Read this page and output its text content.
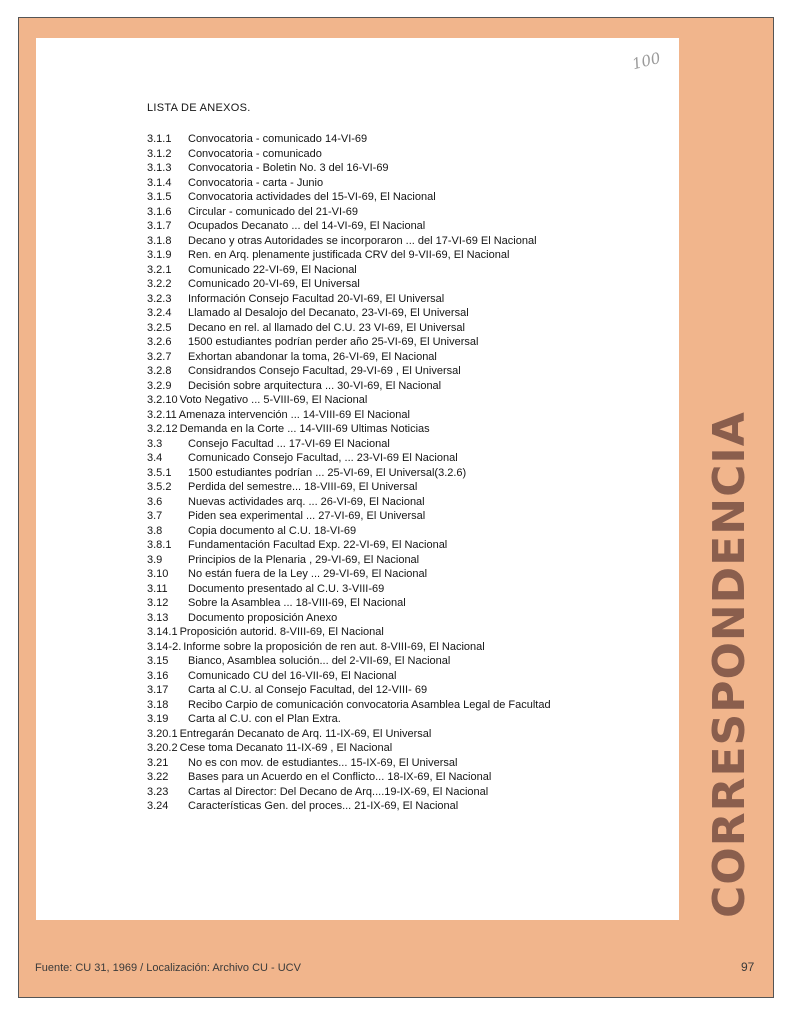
100
LISTA DE ANEXOS.
3.1.1	Convocatoria - comunicado 14-VI-69
3.1.2	Convocatoria - comunicado
3.1.3	Convocatoria - Boletin No. 3 del 16-VI-69
3.1.4	Convocatoria - carta - Junio
3.1.5	Convocatoria actividades del 15-VI-69, El Nacional
3.1.6	Circular - comunicado del 21-VI-69
3.1.7	Ocupados Decanato ... del 14-VI-69, El Nacional
3.1.8	Decano y otras Autoridades se incorporaron ... del 17-VI-69 El Nacional
3.1.9	Ren. en Arq. plenamente justificada CRV del 9-VII-69, El Nacional
3.2.1	Comunicado 22-VI-69, El Nacional
3.2.2	Comunicado 20-VI-69, El Universal
3.2.3	Información Consejo Facultad 20-VI-69, El Universal
3.2.4	Llamado al Desalojo del Decanato, 23-VI-69, El Universal
3.2.5	Decano en rel. al llamado del C.U. 23 VI-69, El Universal
3.2.6	1500 estudiantes podrían perder año 25-VI-69, El Universal
3.2.7	Exhortan abandonar la toma, 26-VI-69, El Nacional
3.2.8	Considrandos Consejo Facultad, 29-VI-69 , El Universal
3.2.9	Decisión sobre arquitectura ... 30-VI-69, El Nacional
3.2.10 Voto Negativo ... 5-VIII-69, El Nacional
3.2.11 Amenaza intervención ... 14-VIII-69 El Nacional
3.2.12 Demanda en la Corte ... 14-VIII-69 Ultimas Noticias
3.3	Consejo Facultad ... 17-VI-69 El Nacional
3.4	Comunicado Consejo Facultad, ... 23-VI-69 El Nacional
3.5.1	1500 estudiantes podrían ... 25-VI-69, El Universal(3.2.6)
3.5.2	Perdida del semestre... 18-VIII-69, El Universal
3.6	Nuevas actividades arq. ... 26-VI-69, El Nacional
3.7	Piden sea experimental ... 27-VI-69, El Universal
3.8	Copia documento al C.U. 18-VI-69
3.8.1	Fundamentación Facultad Exp. 22-VI-69, El Nacional
3.9	Principios de la Plenaria , 29-VI-69, El Nacional
3.10	No están fuera de la Ley ... 29-VI-69, El Nacional
3.11	Documento presentado al C.U. 3-VIII-69
3.12	Sobre la Asamblea ... 18-VIII-69, El Nacional
3.13	Documento proposición Anexo
3.14.1 Proposición autorid. 8-VIII-69, El Nacional
3.14-2. Informe sobre la proposición de ren aut. 8-VIII-69, El Nacional
3.15	Bianco, Asamblea solución... del 2-VII-69, El Nacional
3.16	Comunicado CU del 16-VII-69, El Nacional
3.17	Carta al C.U. al Consejo Facultad, del 12-VIII- 69
3.18	Recibo Carpio de comunicación convocatoria Asamblea Legal de Facultad
3.19	Carta al C.U. con el Plan Extra.
3.20.1 Entregarán Decanato de Arq. 11-IX-69, El Universal
3.20.2 Cese toma Decanato 11-IX-69 , El Nacional
3.21	No es con mov. de estudiantes... 15-IX-69, El Universal
3.22	Bases para un Acuerdo en el Conflicto... 18-IX-69, El Nacional
3.23	Cartas al Director: Del Decano de Arq....19-IX-69, El Nacional
3.24	Características Gen. del proces... 21-IX-69, El Nacional	CORRESPONDENCIA
Fuente: CU 31, 1969 / Localización: Archivo CU - UCV	97
